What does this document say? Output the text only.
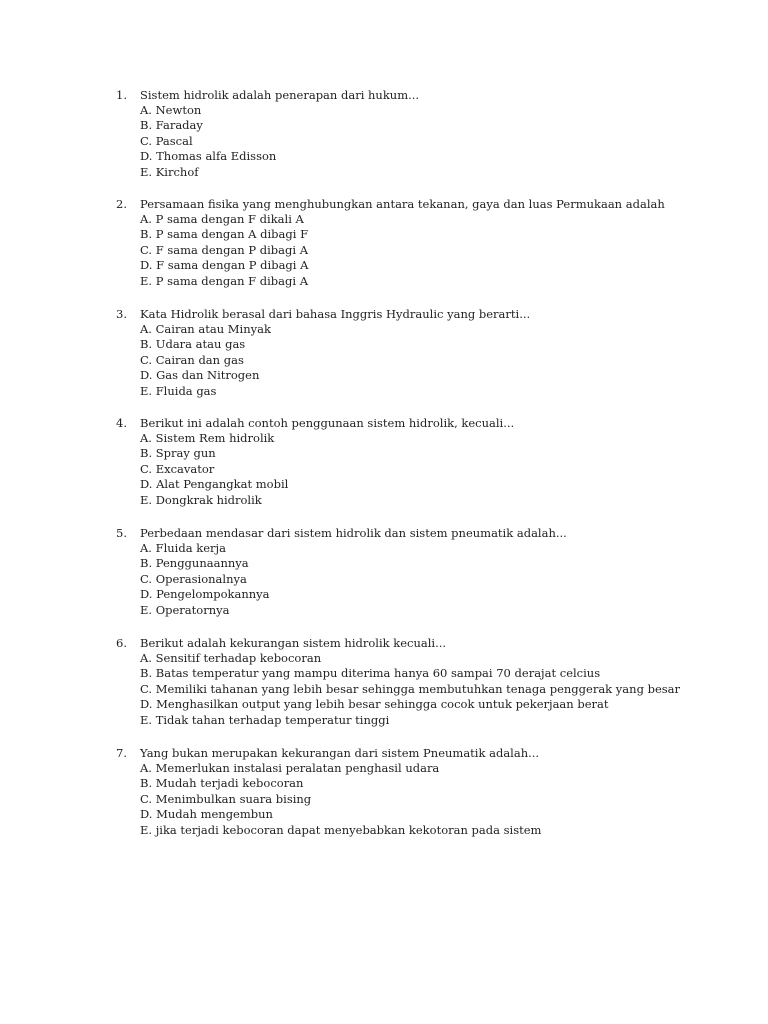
1.	Sistem hidrolik adalah penerapan dari hukum...
A. Newton
B. Faraday
C. Pascal
D. Thomas alfa Edisson
E. Kirchof
2.	Persamaan fisika yang menghubungkan antara tekanan, gaya dan luas Permukaan adalah
A. P sama dengan F dikali A
B. P sama dengan A dibagi F
C. F sama dengan P dibagi A
D. F sama dengan P dibagi A
E. P sama dengan F dibagi A
3.	Kata Hidrolik berasal dari bahasa Inggris Hydraulic yang berarti...
A. Cairan atau Minyak
B. Udara atau gas
C. Cairan dan gas
D. Gas dan Nitrogen
E. Fluida gas
4.	Berikut ini adalah contoh penggunaan sistem hidrolik, kecuali...
A. Sistem Rem hidrolik
B. Spray gun
C. Excavator
D. Alat Pengangkat mobil
E. Dongkrak hidrolik
5.	Perbedaan mendasar dari sistem hidrolik dan sistem pneumatik adalah...
A. Fluida kerja
B. Penggunaannya
C. Operasionalnya
D. Pengelompokannya
E. Operatornya
6.	Berikut adalah kekurangan sistem hidrolik kecuali...
A. Sensitif terhadap kebocoran
B. Batas temperatur yang mampu diterima hanya 60 sampai 70 derajat celcius
C. Memiliki tahanan yang lebih besar sehingga membutuhkan tenaga penggerak yang besar
D. Menghasilkan output yang lebih besar sehingga cocok untuk pekerjaan berat
E. Tidak tahan terhadap temperatur tinggi
7.	Yang bukan merupakan kekurangan dari sistem Pneumatik adalah...
A. Memerlukan instalasi peralatan penghasil udara
B. Mudah terjadi kebocoran
C. Menimbulkan suara bising
D. Mudah mengembun
E. jika terjadi kebocoran dapat menyebabkan kekotoran pada sistem
